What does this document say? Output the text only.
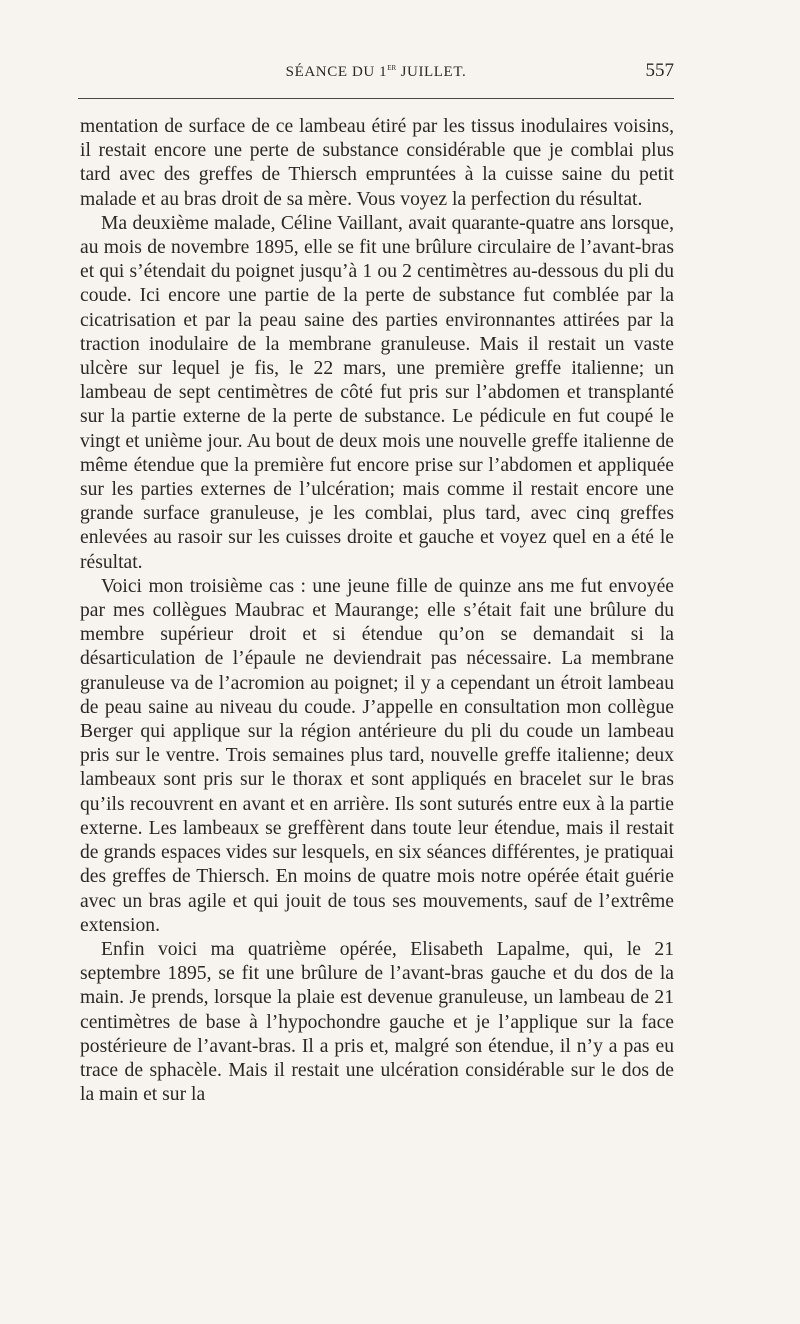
SÉANCE DU 1er JUILLET.	557

mentation de surface de ce lambeau étiré par les tissus inodulaires voisins, il restait encore une perte de substance considérable que je comblai plus tard avec des greffes de Thiersch empruntées à la cuisse saine du petit malade et au bras droit de sa mère. Vous voyez la perfection du résultat.

Ma deuxième malade, Céline Vaillant, avait quarante-quatre ans lorsque, au mois de novembre 1895, elle se fit une brûlure circulaire de l’avant-bras et qui s’étendait du poignet jusqu’à 1 ou 2 centimètres au-dessous du pli du coude. Ici encore une partie de la perte de substance fut comblée par la cicatrisation et par la peau saine des parties environnantes attirées par la traction inodulaire de la membrane granuleuse. Mais il restait un vaste ulcère sur lequel je fis, le 22 mars, une première greffe italienne; un lambeau de sept centimètres de côté fut pris sur l’abdomen et transplanté sur la partie externe de la perte de substance. Le pédicule en fut coupé le vingt et unième jour. Au bout de deux mois une nouvelle greffe italienne de même étendue que la première fut encore prise sur l’abdomen et appliquée sur les parties externes de l’ulcération; mais comme il restait encore une grande surface granuleuse, je les comblai, plus tard, avec cinq greffes enlevées au rasoir sur les cuisses droite et gauche et voyez quel en a été le résultat.

Voici mon troisième cas : une jeune fille de quinze ans me fut envoyée par mes collègues Maubrac et Maurange; elle s’était fait une brûlure du membre supérieur droit et si étendue qu’on se demandait si la désarticulation de l’épaule ne deviendrait pas nécessaire. La membrane granuleuse va de l’acromion au poignet; il y a cependant un étroit lambeau de peau saine au niveau du coude. J’appelle en consultation mon collègue Berger qui applique sur la région antérieure du pli du coude un lambeau pris sur le ventre. Trois semaines plus tard, nouvelle greffe italienne; deux lambeaux sont pris sur le thorax et sont appliqués en bracelet sur le bras qu’ils recouvrent en avant et en arrière. Ils sont suturés entre eux à la partie externe. Les lambeaux se greffèrent dans toute leur étendue, mais il restait de grands espaces vides sur lesquels, en six séances différentes, je pratiquai des greffes de Thiersch. En moins de quatre mois notre opérée était guérie avec un bras agile et qui jouit de tous ses mouvements, sauf de l’extrême extension.

Enfin voici ma quatrième opérée, Elisabeth Lapalme, qui, le 21 septembre 1895, se fit une brûlure de l’avant-bras gauche et du dos de la main. Je prends, lorsque la plaie est devenue granuleuse, un lambeau de 21 centimètres de base à l’hypochondre gauche et je l’applique sur la face postérieure de l’avant-bras. Il a pris et, malgré son étendue, il n’y a pas eu trace de sphacèle. Mais il restait une ulcération considérable sur le dos de la main et sur la
